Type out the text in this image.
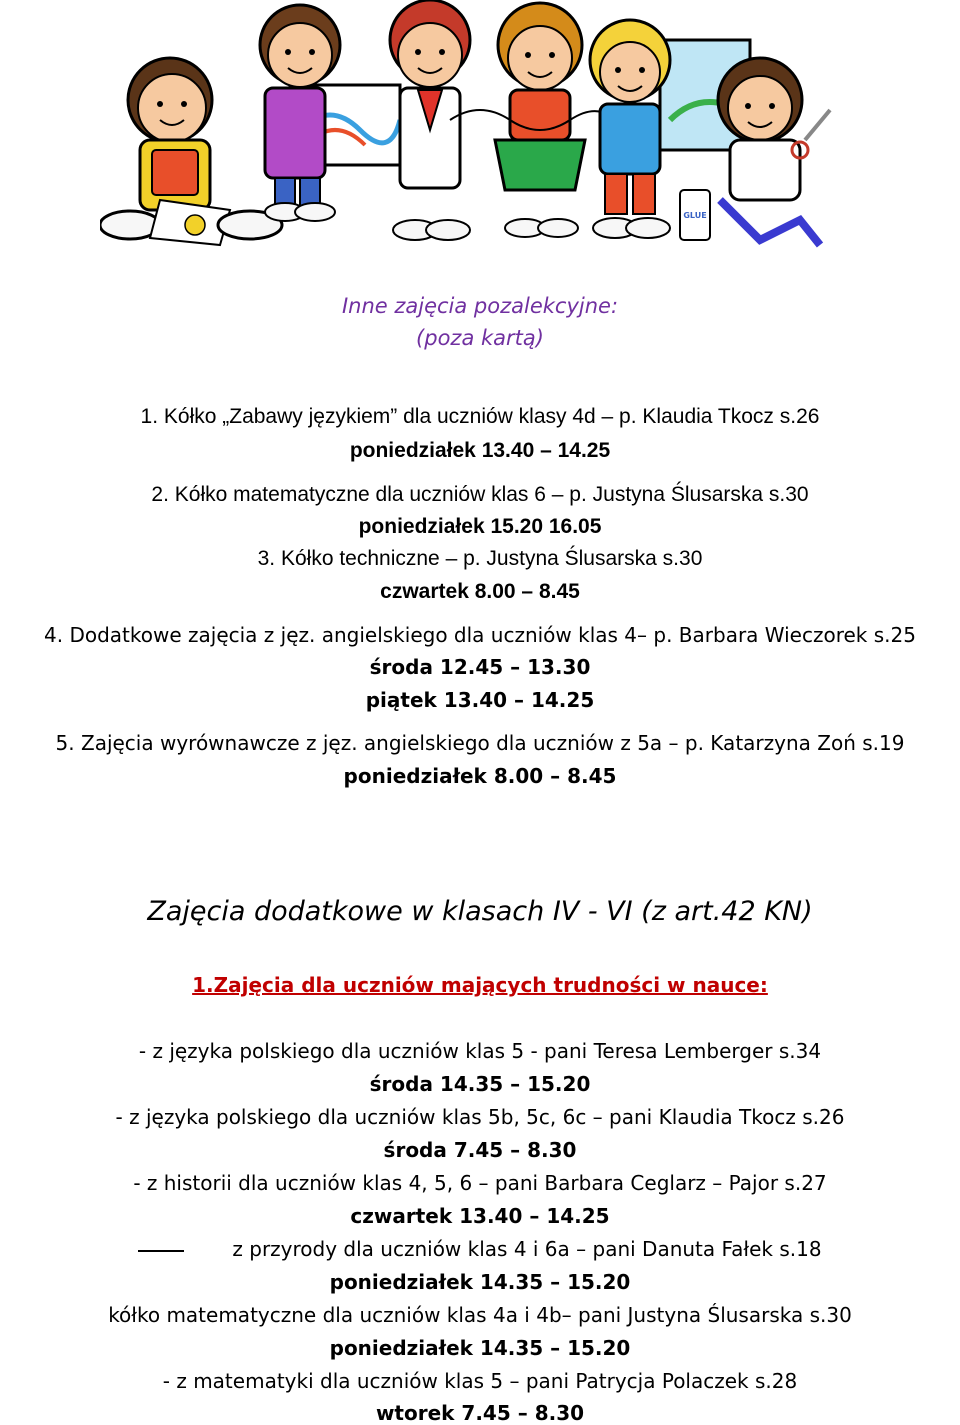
GLUE
Inne zajęcia pozalekcyjne:
(poza kartą)
1. Kółko „Zabawy językiem” dla uczniów klasy 4d – p. Klaudia Tkocz s.26
poniedziałek 13.40 – 14.25
2. Kółko matematyczne dla uczniów klas 6 – p. Justyna Ślusarska s.30
poniedziałek 15.20 16.05
3. Kółko techniczne – p. Justyna Ślusarska s.30
czwartek 8.00 – 8.45
4. Dodatkowe zajęcia z jęz. angielskiego dla uczniów klas 4– p. Barbara Wieczorek s.25
środa 12.45 – 13.30
piątek 13.40 – 14.25
5. Zajęcia wyrównawcze z jęz. angielskiego dla uczniów z 5a – p. Katarzyna Zoń s.19
poniedziałek 8.00 – 8.45
Zajęcia dodatkowe w klasach IV - VI (z art.42 KN)
1.Zajęcia dla uczniów mających trudności w nauce:
- z języka polskiego dla uczniów klas 5 - pani Teresa Lemberger s.34
środa 14.35 – 15.20
- z języka polskiego dla uczniów klas 5b, 5c, 6c – pani Klaudia Tkocz s.26
środa 7.45 – 8.30
- z historii dla uczniów klas 4, 5, 6 – pani Barbara Ceglarz – Pajor s.27
czwartek 13.40 – 14.25
z przyrody dla uczniów klas 4 i 6a – pani Danuta Fałek s.18
poniedziałek 14.35 – 15.20
kółko matematyczne dla uczniów klas 4a i 4b– pani Justyna Ślusarska s.30
poniedziałek 14.35 – 15.20
- z matematyki dla uczniów klas 5 – pani Patrycja Polaczek s.28
wtorek 7.45 – 8.30
